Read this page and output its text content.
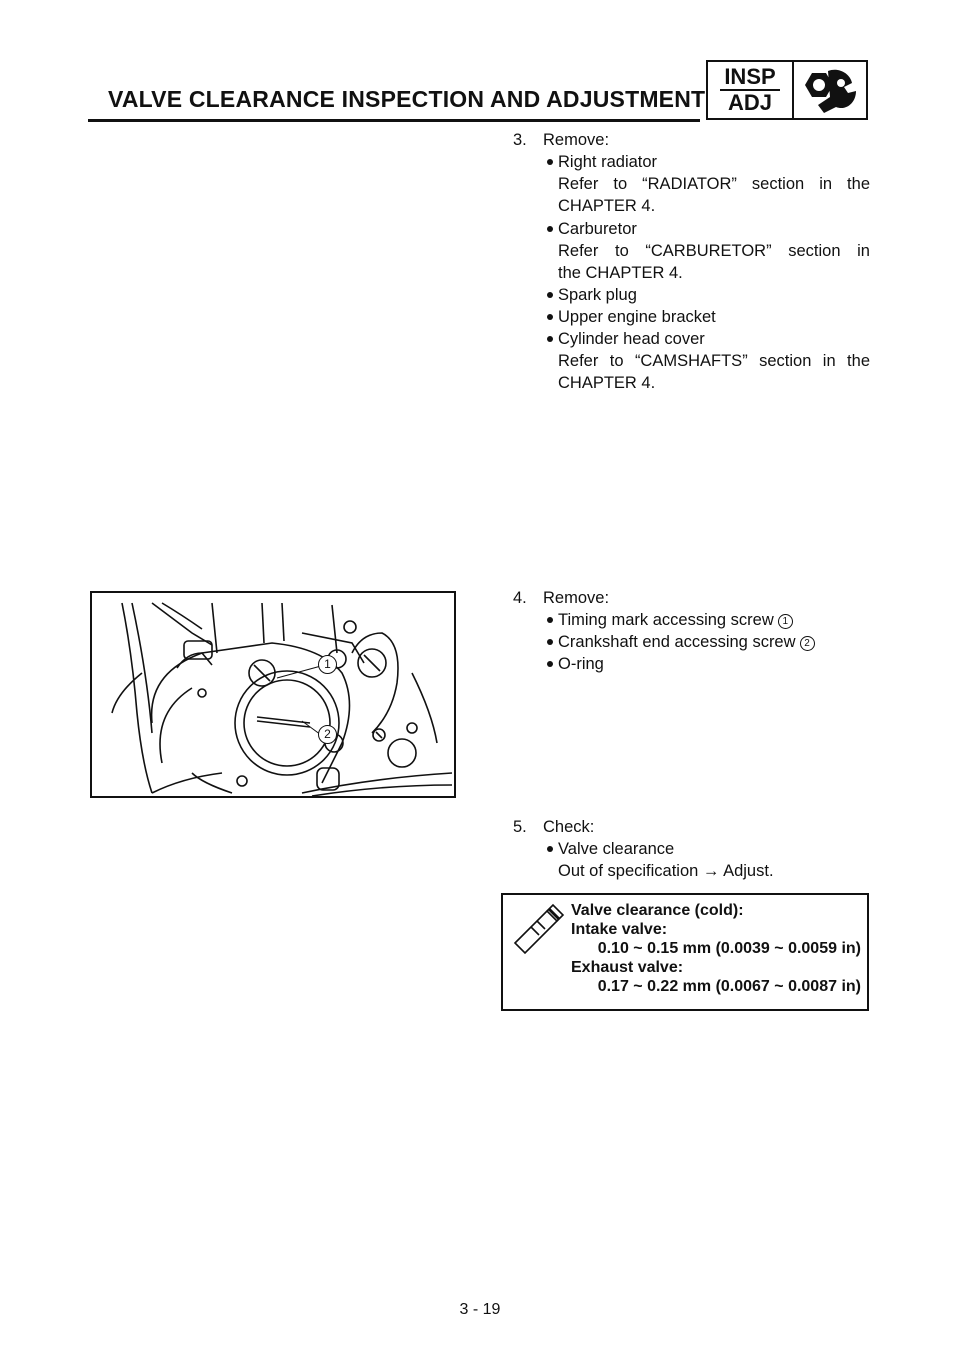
VALVE CLEARANCE INSPECTION AND ADJUSTMENT
INSP
ADJ
3. Remove:
Right radiator
Refer to “RADIATOR” section in the
CHAPTER 4.
Carburetor
Refer to “CARBURETOR” section in
the CHAPTER 4.
Spark plug
Upper engine bracket
Cylinder head cover
Refer to “CAMSHAFTS” section in the
CHAPTER 4.
1
2
4. Remove:
Timing mark accessing screw 1
Crankshaft end accessing screw 2
O-ring
5. Check:
Valve clearance
Out of specification → Adjust.
Valve clearance (cold):
Intake valve:
0.10 ~ 0.15 mm (0.0039 ~ 0.0059 in)
Exhaust valve:
0.17 ~ 0.22 mm (0.0067 ~ 0.0087 in)
3 - 19
